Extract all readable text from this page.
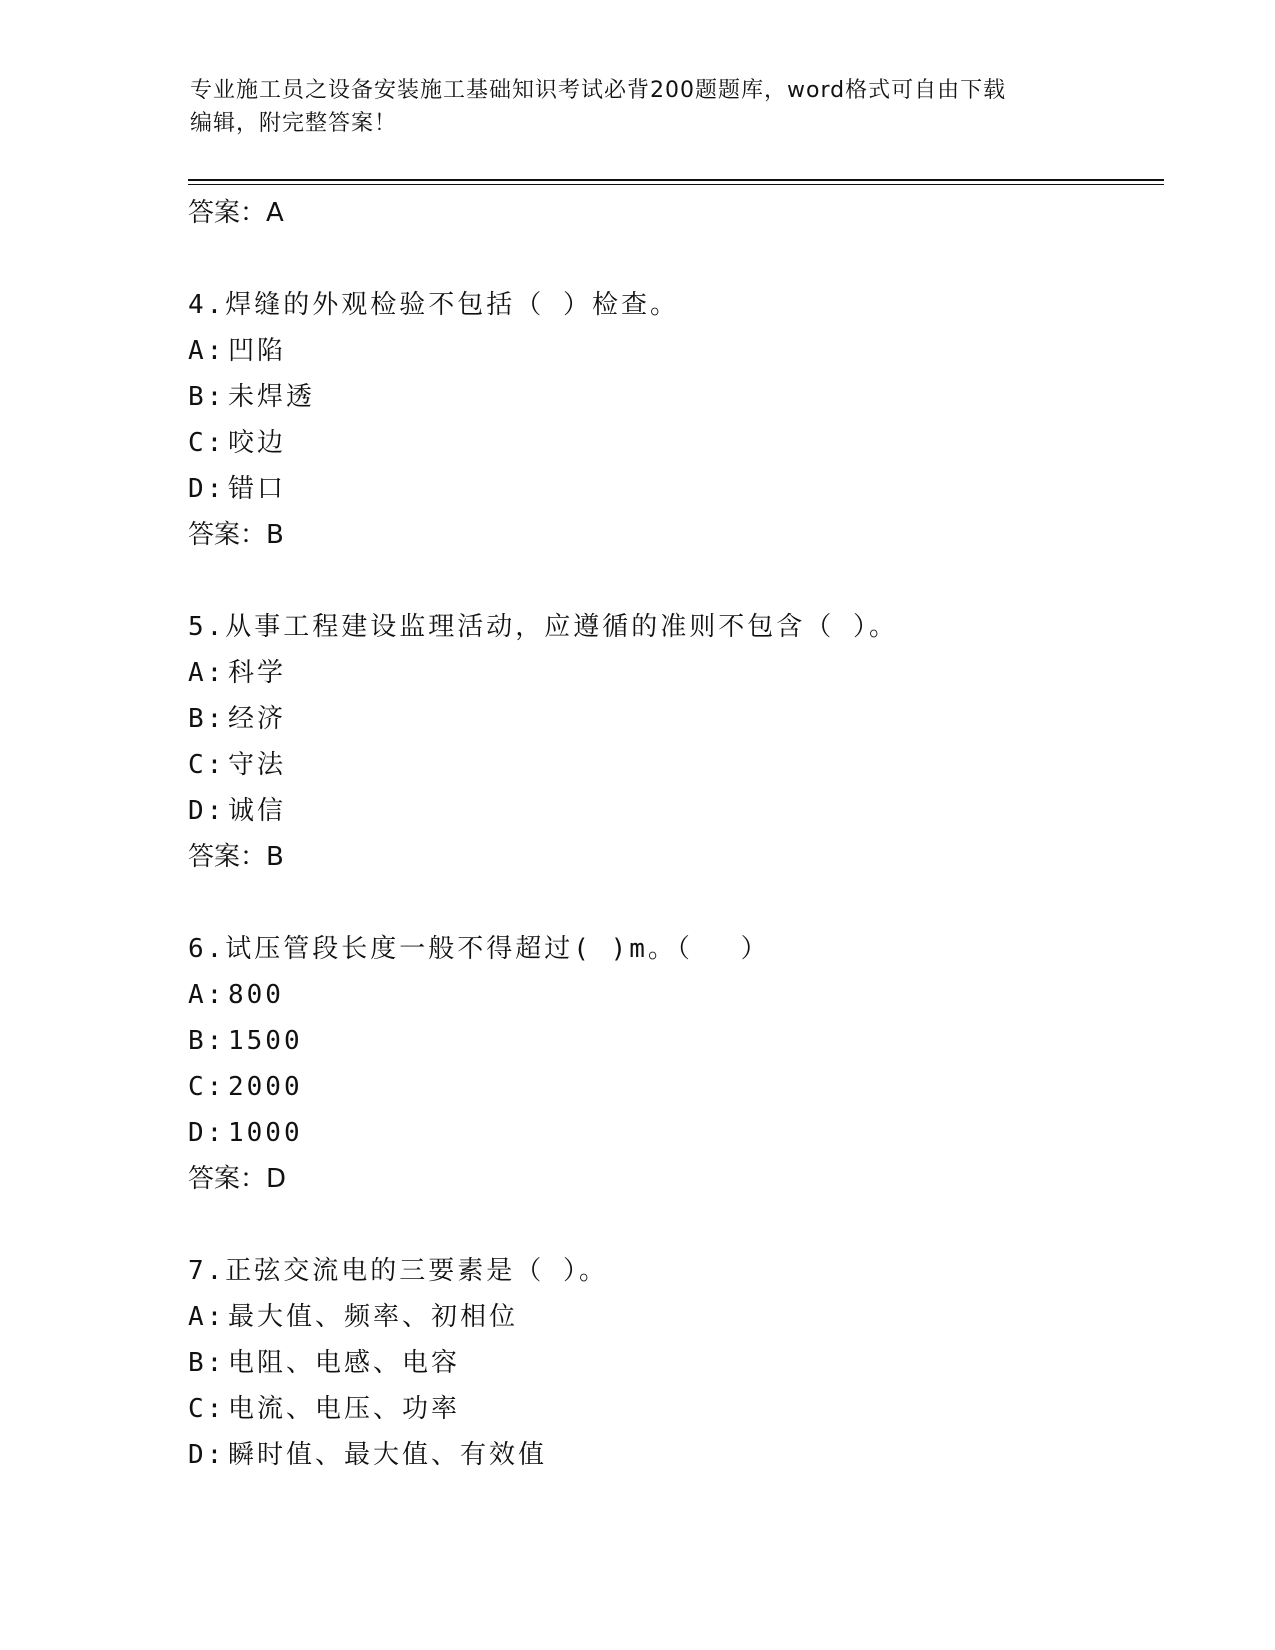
专业施工员之设备安装施工基础知识考试必背200题题库，word格式可自由下载
编辑，附完整答案！
答案：A
4.焊缝的外观检验不包括（ ）检查。
A: 凹陷
B: 未焊透
C: 咬边
D: 错口
答案：B
5.从事工程建设监理活动，应遵循的准则不包含（ ）。
A: 科学
B: 经济
C: 守法
D: 诚信
答案：B
6.试压管段长度一般不得超过( )m。（　 ）
A: 800
B: 1500
C: 2000
D: 1000
答案：D
7.正弦交流电的三要素是（ ）。
A: 最大值、频率、初相位
B: 电阻、电感、电容
C: 电流、电压、功率
D: 瞬时值、最大值、有效值
